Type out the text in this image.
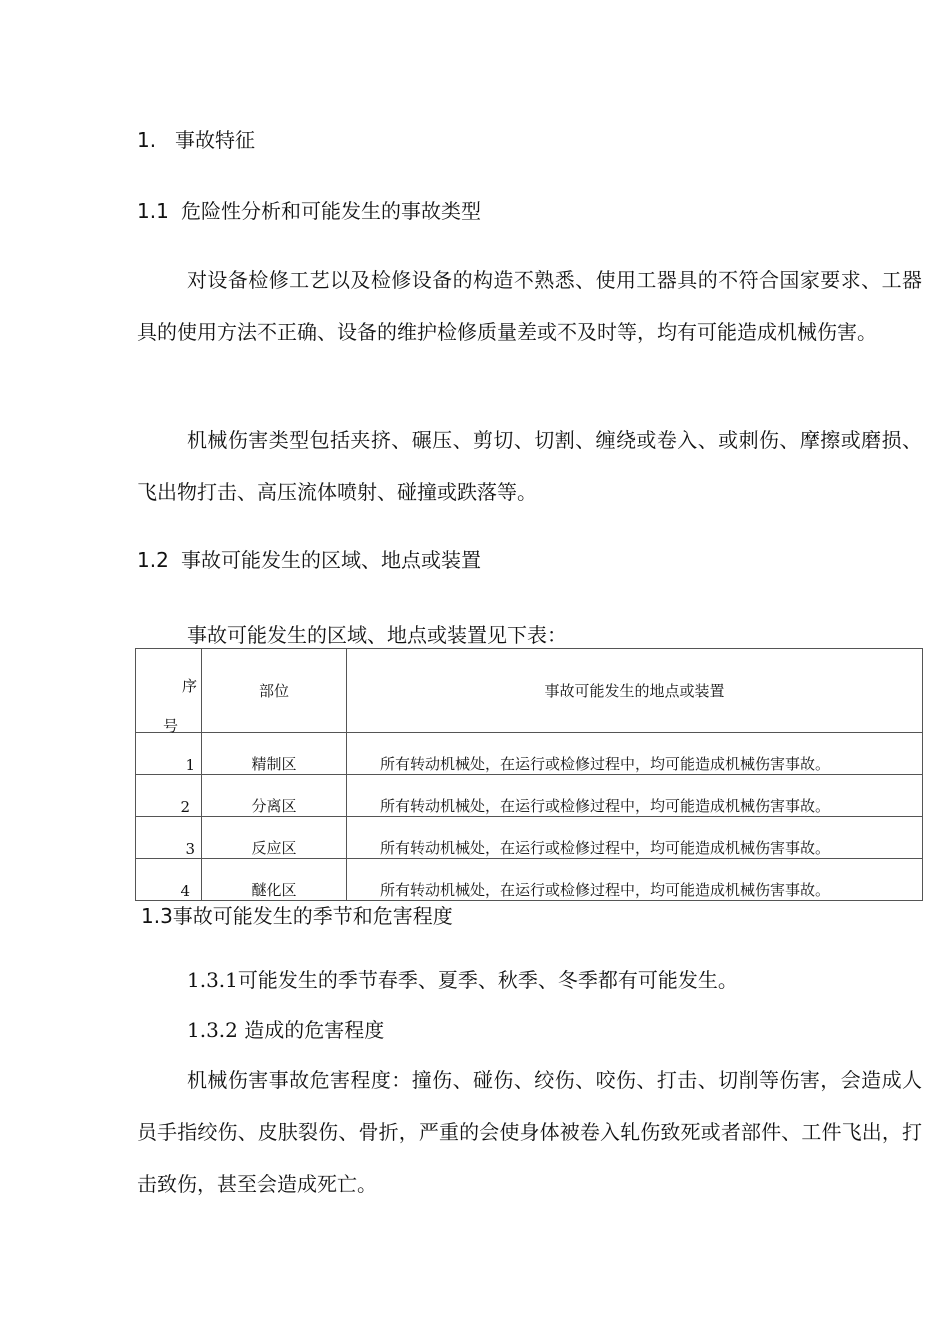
1. 事故特征
1.1 危险性分析和可能发生的事故类型

对设备检修工艺以及检修设备的构造不熟悉、使用工器具的不符合国家要求、工器具的使用方法不正确、设备的维护检修质量差或不及时等，均有可能造成机械伤害。

机械伤害类型包括夹挤、碾压、剪切、切割、缠绕或卷入、或刺伤、摩擦或磨损、飞出物打击、高压流体喷射、碰撞或跌落等。

1.2 事故可能发生的区域、地点或装置
事故可能发生的区域、地点或装置见下表：
序
号	部位	事故可能发生的地点或装置
1	精制区	所有转动机械处，在运行或检修过程中，均可能造成机械伤害事故。
2	分离区	所有转动机械处，在运行或检修过程中，均可能造成机械伤害事故。
3	反应区	所有转动机械处，在运行或检修过程中，均可能造成机械伤害事故。
4	醚化区	所有转动机械处，在运行或检修过程中，均可能造成机械伤害事故。
1.3事故可能发生的季节和危害程度
1.3.1可能发生的季节春季、夏季、秋季、冬季都有可能发生。
1.3.2 造成的危害程度

机械伤害事故危害程度：撞伤、碰伤、绞伤、咬伤、打击、切削等伤害，会造成人员手指绞伤、皮肤裂伤、骨折，严重的会使身体被卷入轧伤致死或者部件、工件飞出，打击致伤，甚至会造成死亡。
